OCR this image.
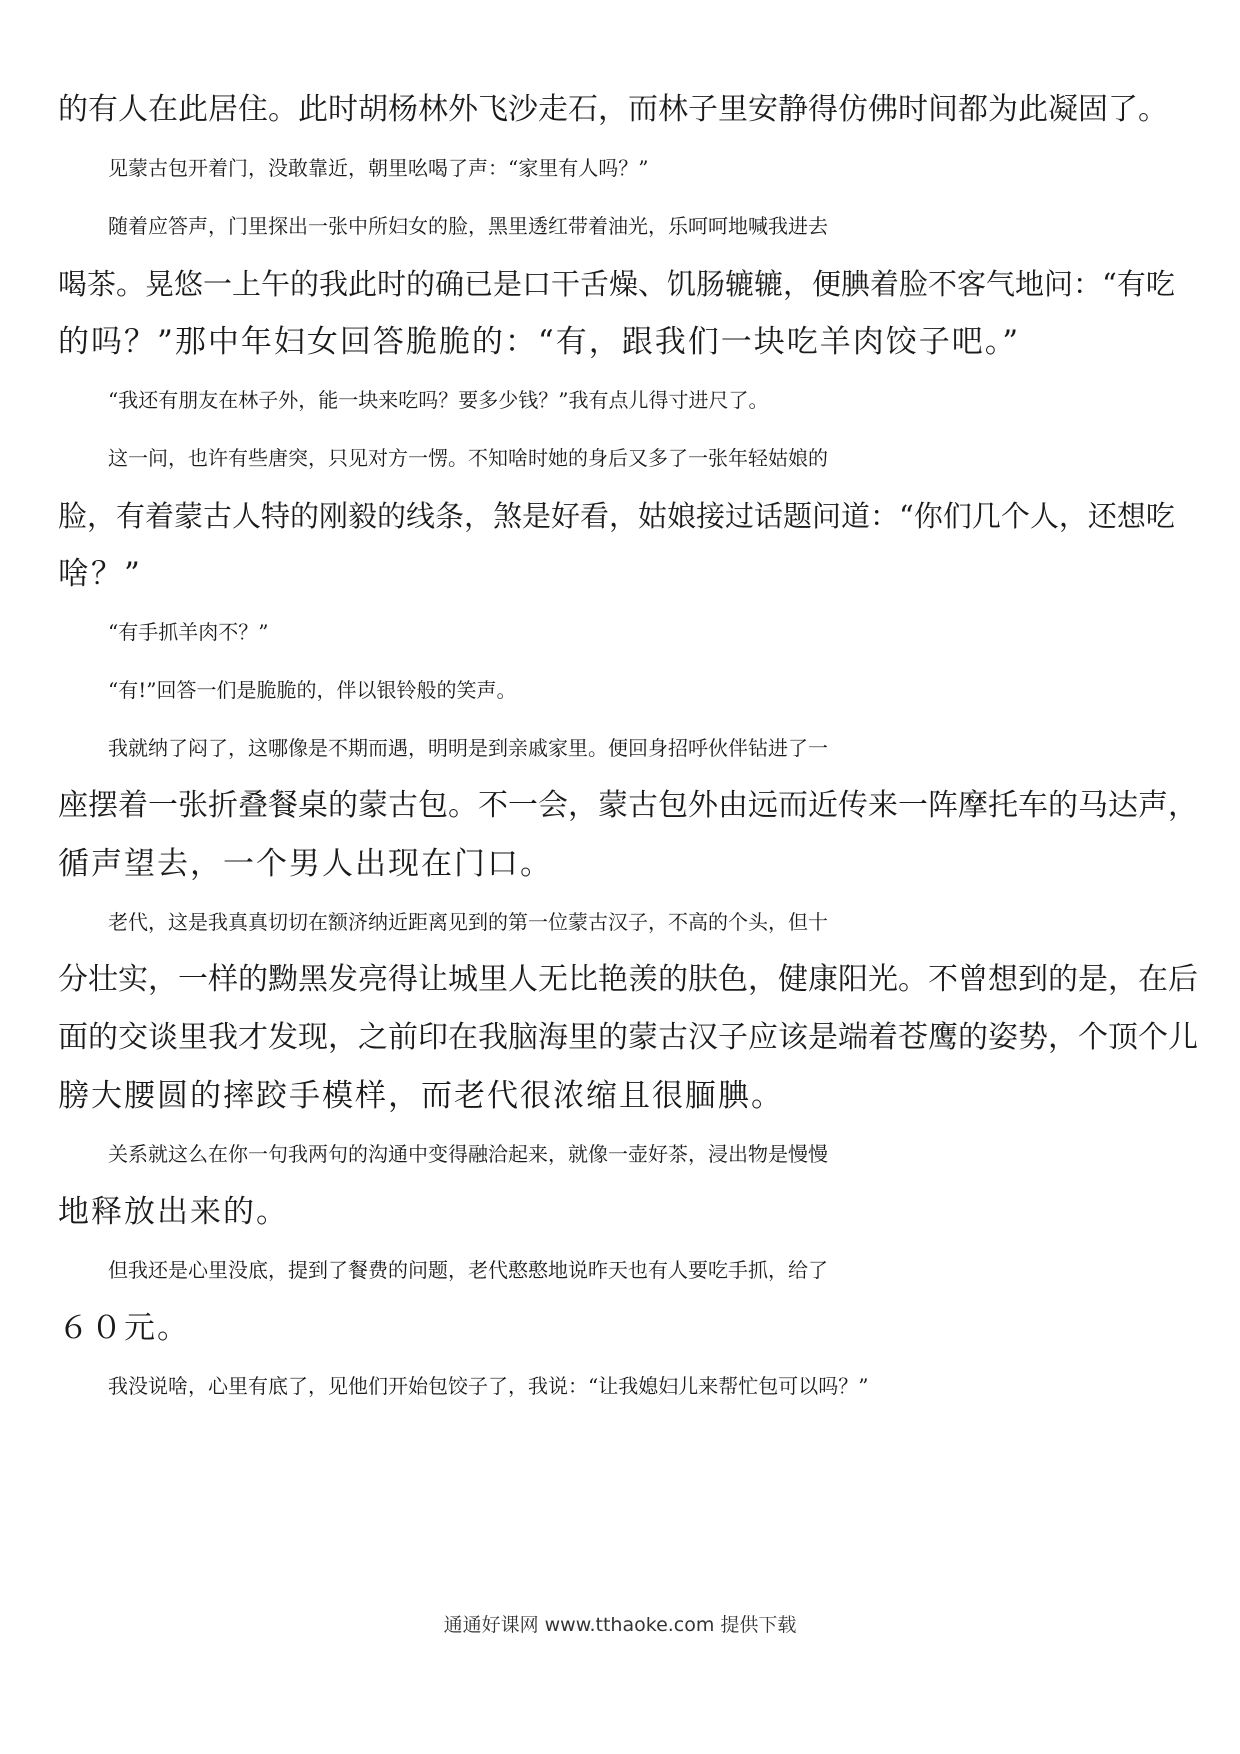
的有人在此居住。此时胡杨林外飞沙走石，而林子里安静得仿佛时间都为此凝固了。
见蒙古包开着门，没敢靠近，朝里吆喝了声：“家里有人吗？”
随着应答声，门里探出一张中所妇女的脸，黑里透红带着油光，乐呵呵地喊我进去
喝茶。晃悠一上午的我此时的确已是口干舌燥、饥肠辘辘，便腆着脸不客气地问：“有吃
的吗？”那中年妇女回答脆脆的：“有，跟我们一块吃羊肉饺子吧。”
“我还有朋友在林子外，能一块来吃吗？要多少钱？”我有点儿得寸进尺了。
这一问，也许有些唐突，只见对方一愣。不知啥时她的身后又多了一张年轻姑娘的
脸，有着蒙古人特的刚毅的线条，煞是好看，姑娘接过话题问道：“你们几个人，还想吃
啥？”
“有手抓羊肉不？”
“有!”回答一们是脆脆的，伴以银铃般的笑声。
我就纳了闷了，这哪像是不期而遇，明明是到亲戚家里。便回身招呼伙伴钻进了一
座摆着一张折叠餐桌的蒙古包。不一会，蒙古包外由远而近传来一阵摩托车的马达声，
循声望去，一个男人出现在门口。
老代，这是我真真切切在额济纳近距离见到的第一位蒙古汉子，不高的个头，但十
分壮实，一样的黝黑发亮得让城里人无比艳羡的肤色，健康阳光。不曾想到的是，在后
面的交谈里我才发现，之前印在我脑海里的蒙古汉子应该是端着苍鹰的姿势，个顶个儿
膀大腰圆的摔跤手模样，而老代很浓缩且很腼腆。
关系就这么在你一句我两句的沟通中变得融洽起来，就像一壶好茶，浸出物是慢慢
地释放出来的。
但我还是心里没底，提到了餐费的问题，老代憨憨地说昨天也有人要吃手抓，给了
６０元。
我没说啥，心里有底了，见他们开始包饺子了，我说：“让我媳妇儿来帮忙包可以吗？”
通通好课网 www.tthaoke.com 提供下载
